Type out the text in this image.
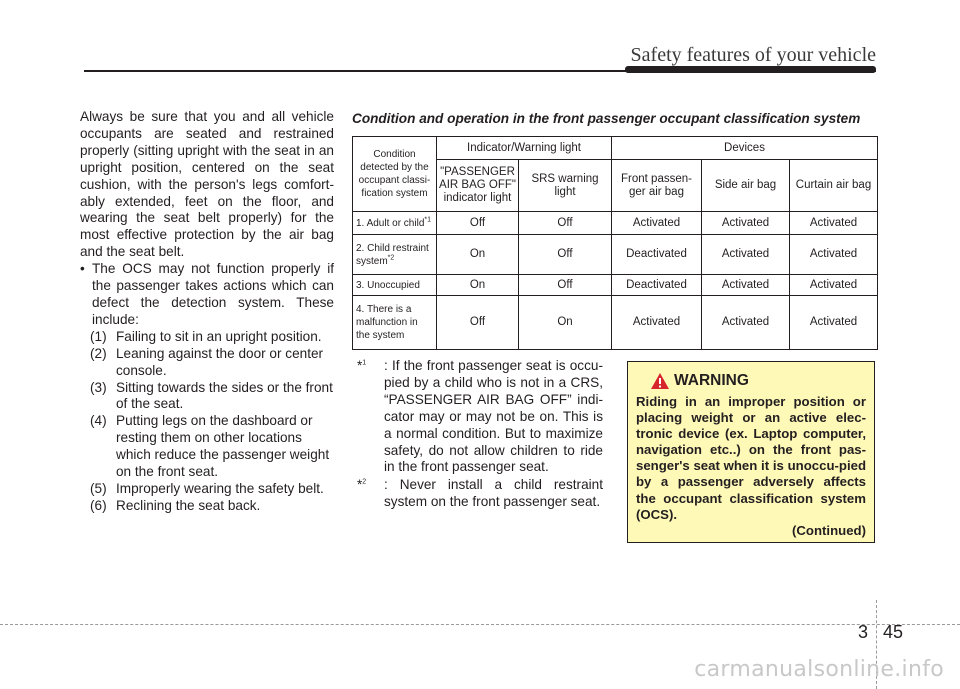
Safety features of your vehicle

Always be sure that you and all vehicle occupants are seated and restrained properly (sitting upright with the seat in an upright position, centered on the seat cushion, with the person's legs comfort-ably extended, feet on the floor, and wearing the seat belt properly) for the most effective protection by the air bag and the seat belt.

• The OCS may not function properly if the passenger takes actions which can defect the detection system. These include:
(1) Failing to sit in an upright position.
(2) Leaning against the door or center console.
(3) Sitting towards the sides or the front of the seat.
(4) Putting legs on the dashboard or resting them on other locations which reduce the passenger weight on the front seat.
(5) Improperly wearing the safety belt.
(6) Reclining the seat back.
Condition and operation in the front passenger occupant classification system
Condition detected by the occupant classi-fication system	Indicator/Warning light		Devices		
	"PASSENGER AIR BAG OFF" indicator light	SRS warning light	Front passen-ger air bag	Side air bag	Curtain air bag
1. Adult or child$^{*1}$	Off	Off	Activated	Activated	Activated
2. Child restraint system$^{*2}$	On	Off	Deactivated	Activated	Activated
3. Unoccupied	On	Off	Deactivated	Activated	Activated
4. There is a malfunction in the system	Off	On	Activated	Activated	Activated
*$^1$	: If the front passenger seat is occu-pied by a child who is not in a CRS, “PASSENGER AIR BAG OFF” indi-cator may or may not be on. This is a normal condition. But to maximize safety, do not allow children to ride in the front passenger seat.
*$^2$	: Never install a child restraint system on the front passenger seat.
WARNING
Riding in an improper position or placing weight or an active elec-tronic device (ex. Laptop computer, navigation etc..) on the front pas-senger's seat when it is unoccu-pied by a passenger adversely affects the occupant classification system (OCS).
(Continued)
3 45
carmanualsonline.info
